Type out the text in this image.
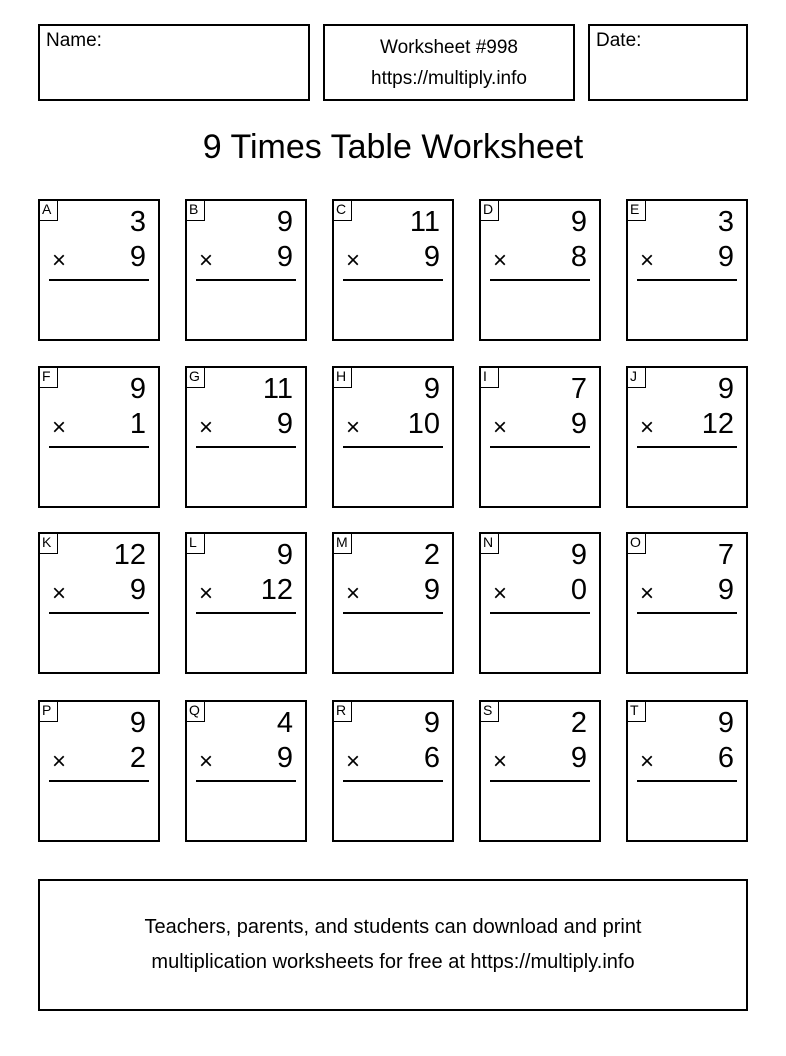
Name:	Worksheet #998
https://multiply.info
Date:
9 Times Table Worksheet
A	3
× 9
B	9
× 9
C 11
× 9
D	9
× 8
E	3
× 9
F	9
× 1
G 11
× 9
H	9
× 10
I	7
× 9
J	9
× 12
K 12
× 9
L	9
× 12
M	2
× 9
N	9
× 0
O	7
× 9
P	9
× 2
Q	4
× 9
R	9
× 6
S	2
× 9
T	9
× 6
Teachers, parents, and students can download and print
multiplication worksheets for free at https://multiply.info
